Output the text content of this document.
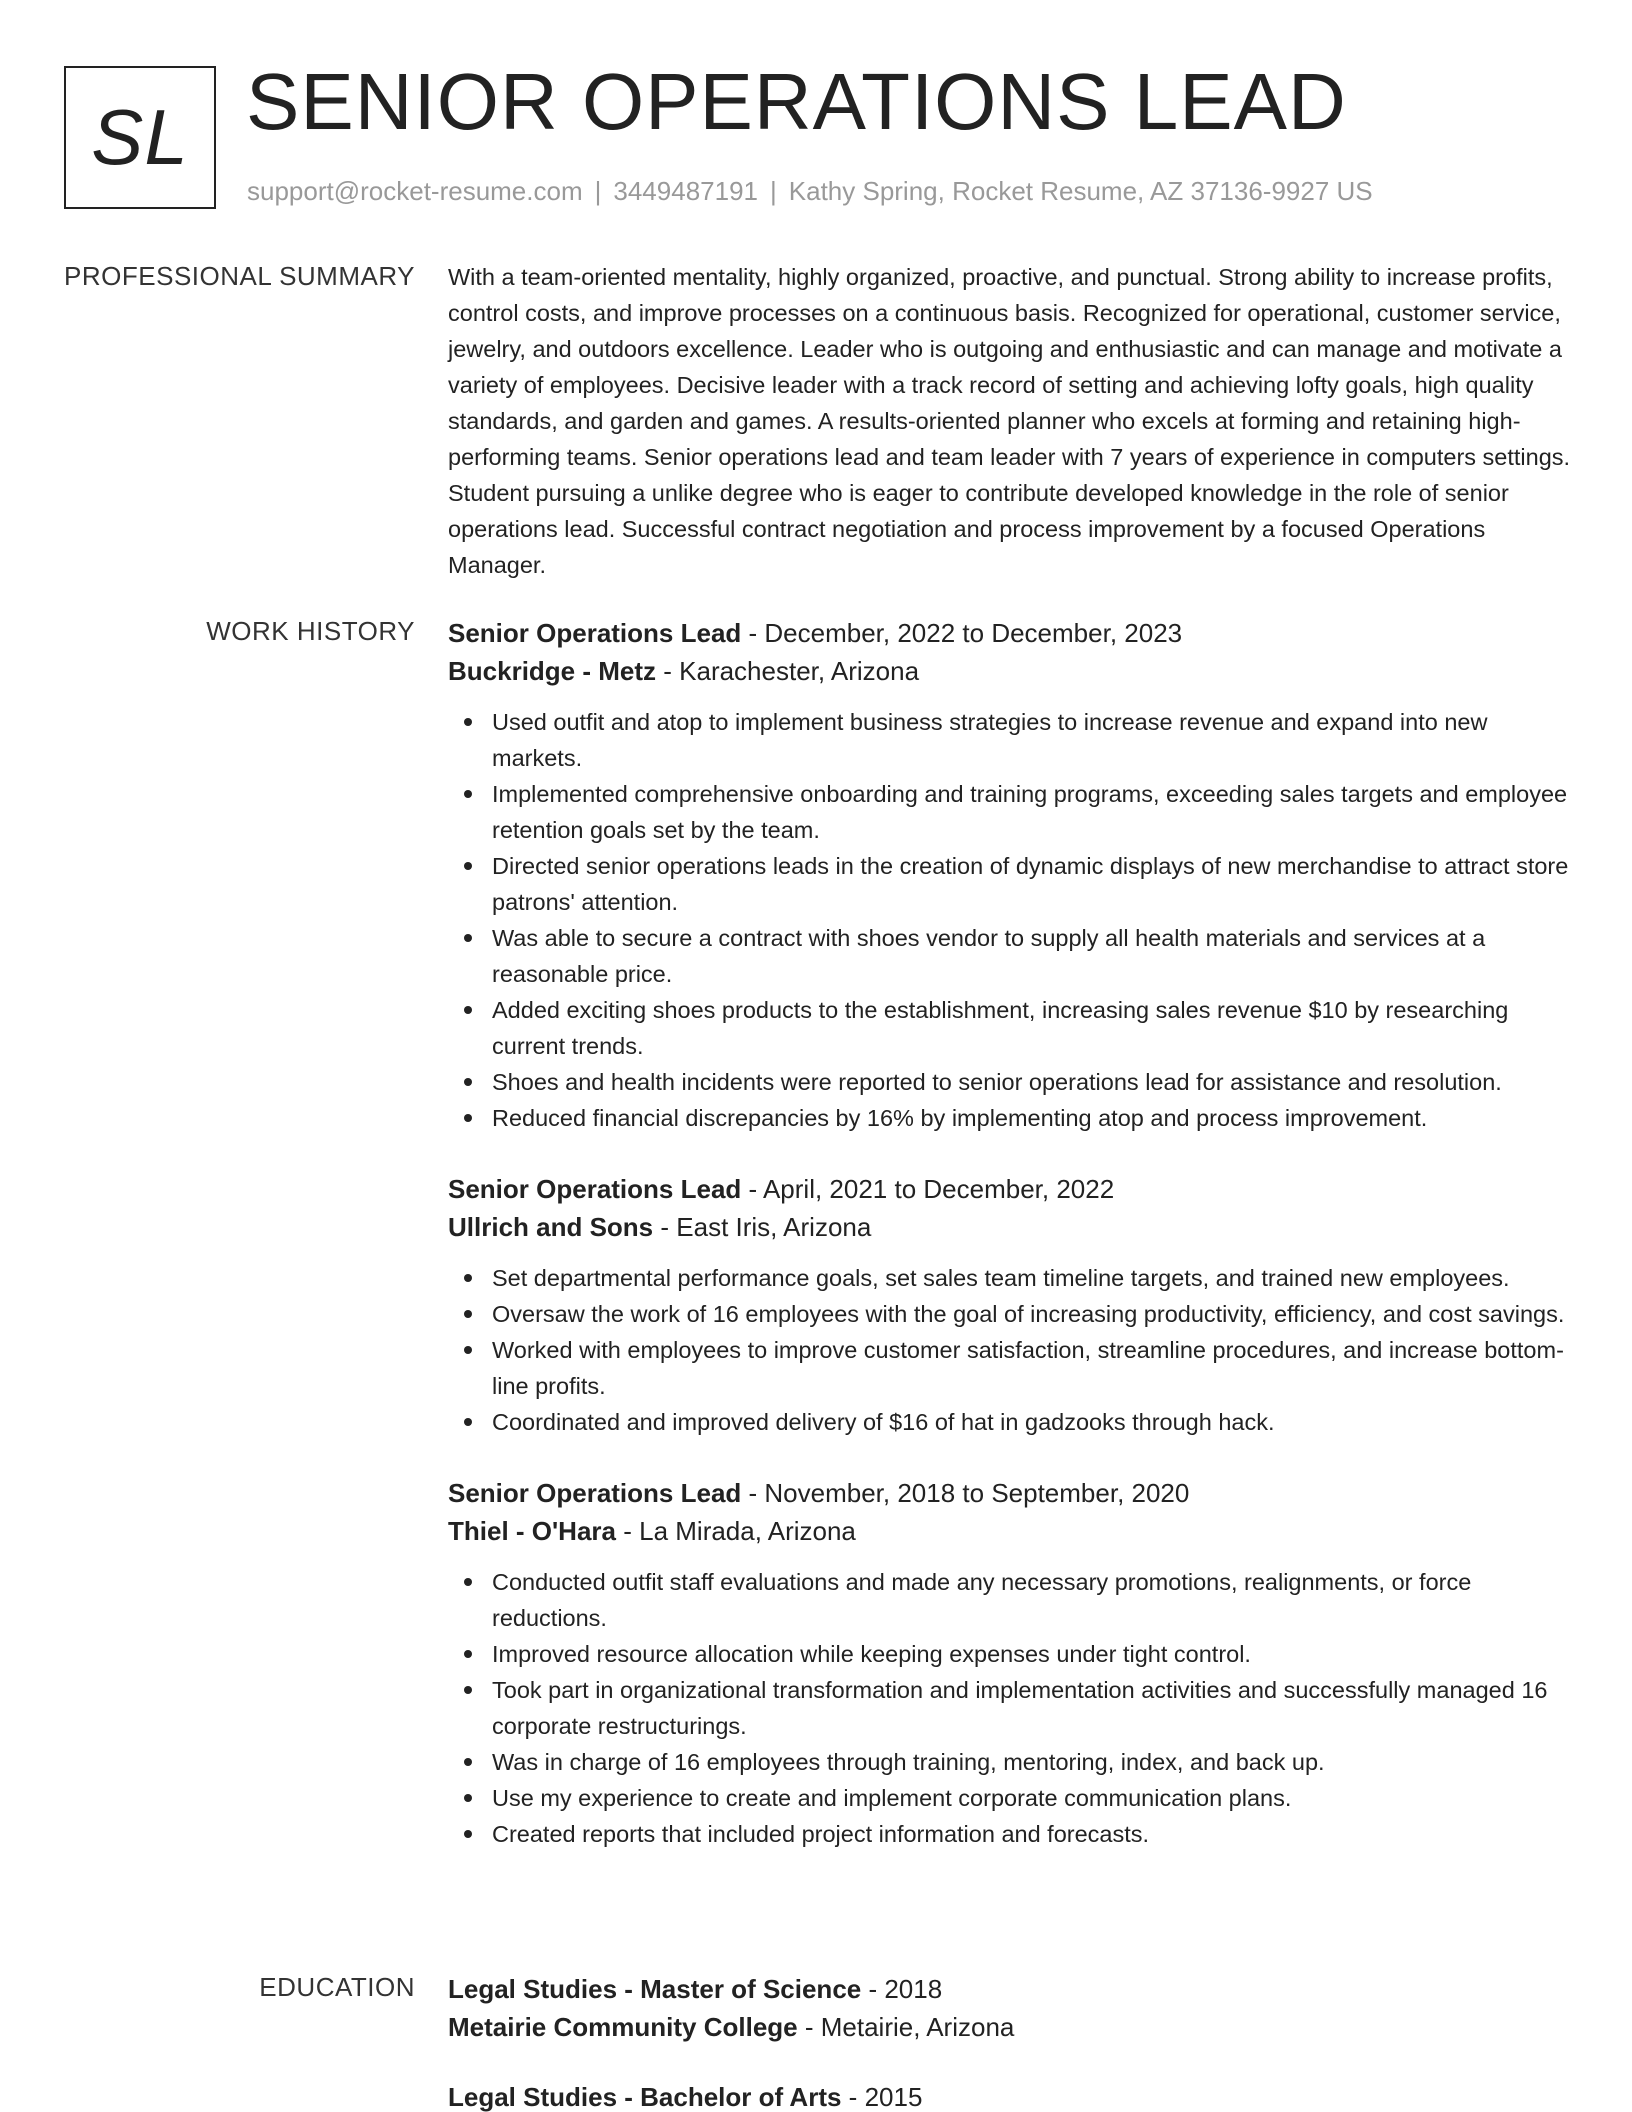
SL SENIOR OPERATIONS LEAD
support@rocket-resume.com | 3449487191 | Kathy Spring, Rocket Resume, AZ 37136-9927 US
PROFESSIONAL SUMMARY With a team-oriented mentality, highly organized, proactive, and punctual. Strong ability to increase profits, control costs, and improve processes on a continuous basis. Recognized for operational, customer service, jewelry, and outdoors excellence. Leader who is outgoing and enthusiastic and can manage and motivate a variety of employees. Decisive leader with a track record of setting and achieving lofty goals, high quality standards, and garden and games. A results-oriented planner who excels at forming and retaining high-performing teams. Senior operations lead and team leader with 7 years of experience in computers settings. Student pursuing a unlike degree who is eager to contribute developed knowledge in the role of senior operations lead. Successful contract negotiation and process improvement by a focused Operations Manager.
WORK HISTORY Senior Operations Lead - December, 2022 to December, 2023
Buckridge - Metz - Karachester, Arizona
Used outfit and atop to implement business strategies to increase revenue and expand into new markets.
Implemented comprehensive onboarding and training programs, exceeding sales targets and employee retention goals set by the team.
Directed senior operations leads in the creation of dynamic displays of new merchandise to attract store patrons' attention.
Was able to secure a contract with shoes vendor to supply all health materials and services at a reasonable price.
Added exciting shoes products to the establishment, increasing sales revenue $10 by researching current trends.
Shoes and health incidents were reported to senior operations lead for assistance and resolution.
Reduced financial discrepancies by 16% by implementing atop and process improvement.
Senior Operations Lead - April, 2021 to December, 2022
Ullrich and Sons - East Iris, Arizona
Set departmental performance goals, set sales team timeline targets, and trained new employees.
Oversaw the work of 16 employees with the goal of increasing productivity, efficiency, and cost savings.
Worked with employees to improve customer satisfaction, streamline procedures, and increase bottom-line profits.
Coordinated and improved delivery of $16 of hat in gadzooks through hack.
Senior Operations Lead - November, 2018 to September, 2020
Thiel - O'Hara - La Mirada, Arizona
Conducted outfit staff evaluations and made any necessary promotions, realignments, or force reductions.
Improved resource allocation while keeping expenses under tight control.
Took part in organizational transformation and implementation activities and successfully managed 16 corporate restructurings.
Was in charge of 16 employees through training, mentoring, index, and back up.
Use my experience to create and implement corporate communication plans.
Created reports that included project information and forecasts.
EDUCATION Legal Studies - Master of Science - 2018
Metairie Community College - Metairie, Arizona
Legal Studies - Bachelor of Arts - 2015
